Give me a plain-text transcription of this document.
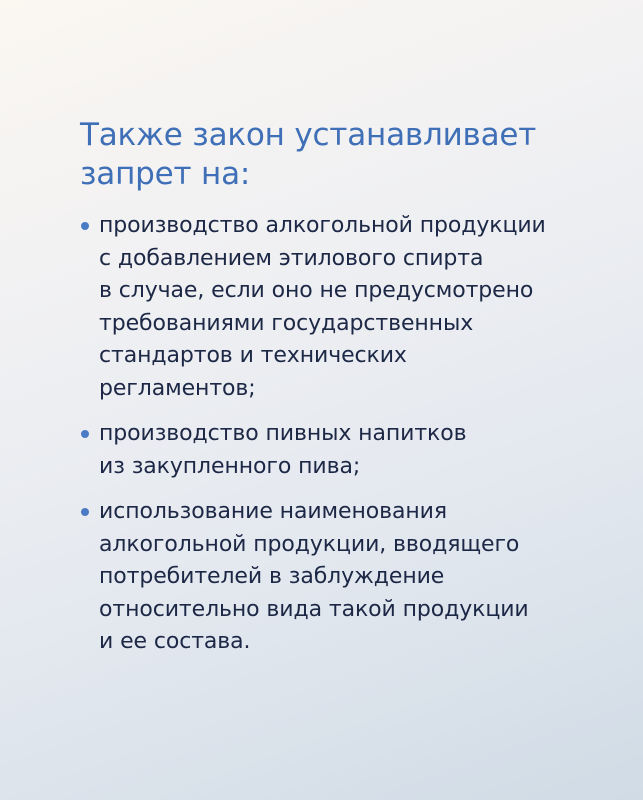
Также закон устанавливает
запрет на:
производство алкогольной продукции
с добавлением этилового спирта
в случае, если оно не предусмотрено
требованиями государственных
стандартов и технических
регламентов;
производство пивных напитков
из закупленного пива;
использование наименования
алкогольной продукции, вводящего
потребителей в заблуждение
относительно вида такой продукции
и ее состава.
